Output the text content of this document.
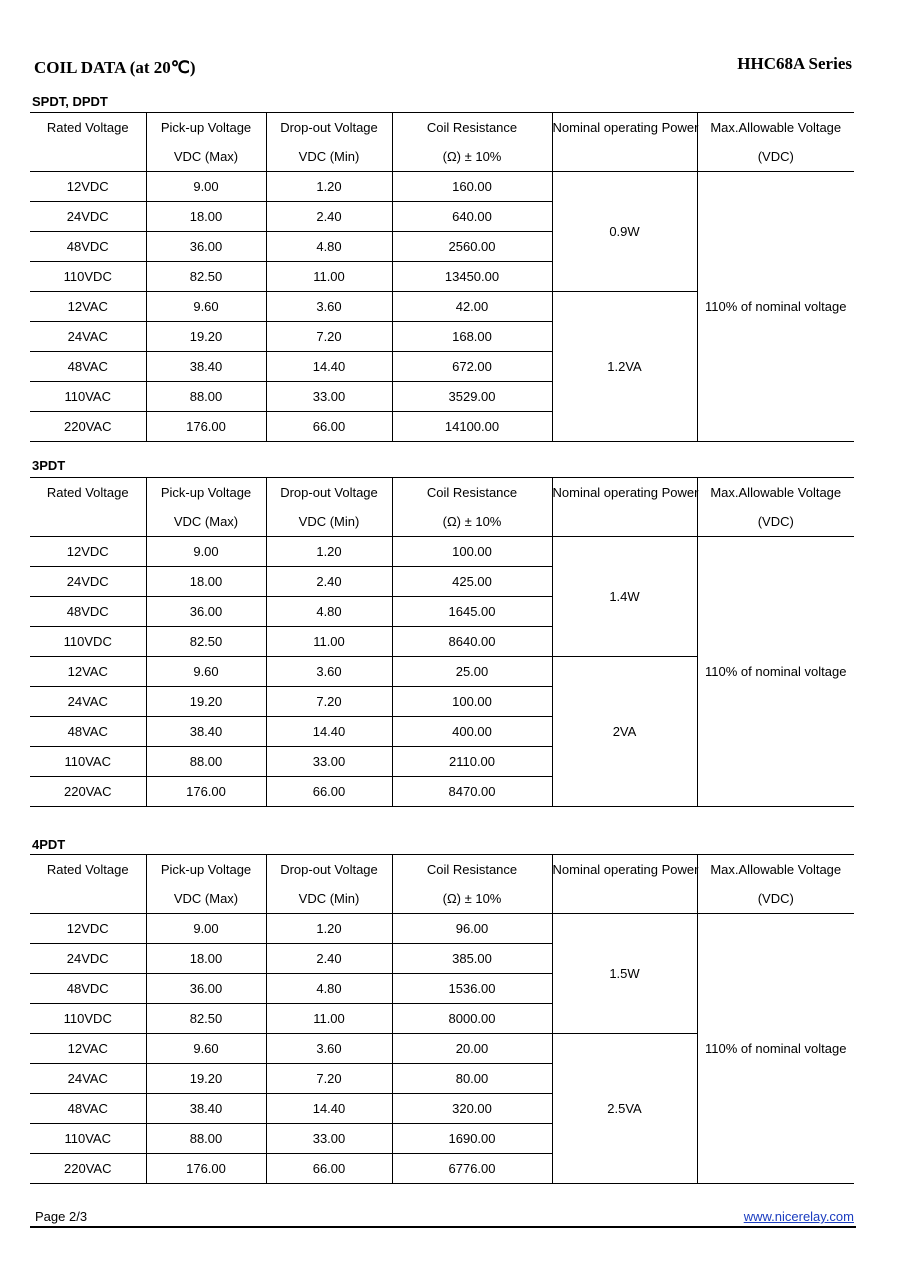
COIL DATA (at 20℃)	HHC68A Series
SPDT, DPDT
Rated Voltage	Pick-up Voltage	Drop-out Voltage	Coil Resistance	Nominal operating Power	Max.Allowable Voltage
	VDC (Max)	VDC (Min)	(Ω) ± 10%		(VDC)
12VDC	9.00	1.20	160.00	0.9W	110% of nominal voltage
24VDC	18.00	2.40	640.00		
48VDC	36.00	4.80	2560.00		
110VDC	82.50	11.00	13450.00		
12VAC	9.60	3.60	42.00	1.2VA	
24VAC	19.20	7.20	168.00		
48VAC	38.40	14.40	672.00		
110VAC	88.00	33.00	3529.00		
220VAC	176.00	66.00	14100.00		
3PDT
Rated Voltage	Pick-up Voltage	Drop-out Voltage	Coil Resistance	Nominal operating Power	Max.Allowable Voltage
	VDC (Max)	VDC (Min)	(Ω) ± 10%		(VDC)
12VDC	9.00	1.20	100.00	1.4W	110% of nominal voltage
24VDC	18.00	2.40	425.00		
48VDC	36.00	4.80	1645.00		
110VDC	82.50	11.00	8640.00		
12VAC	9.60	3.60	25.00	2VA	
24VAC	19.20	7.20	100.00		
48VAC	38.40	14.40	400.00		
110VAC	88.00	33.00	2110.00		
220VAC	176.00	66.00	8470.00		
4PDT
Rated Voltage	Pick-up Voltage	Drop-out Voltage	Coil Resistance	Nominal operating Power	Max.Allowable Voltage
	VDC (Max)	VDC (Min)	(Ω) ± 10%		(VDC)
12VDC	9.00	1.20	96.00	1.5W	110% of nominal voltage
24VDC	18.00	2.40	385.00		
48VDC	36.00	4.80	1536.00		
110VDC	82.50	11.00	8000.00		
12VAC	9.60	3.60	20.00	2.5VA	
24VAC	19.20	7.20	80.00		
48VAC	38.40	14.40	320.00		
110VAC	88.00	33.00	1690.00		
220VAC	176.00	66.00	6776.00		
Page 2/3	www.nicerelay.com
